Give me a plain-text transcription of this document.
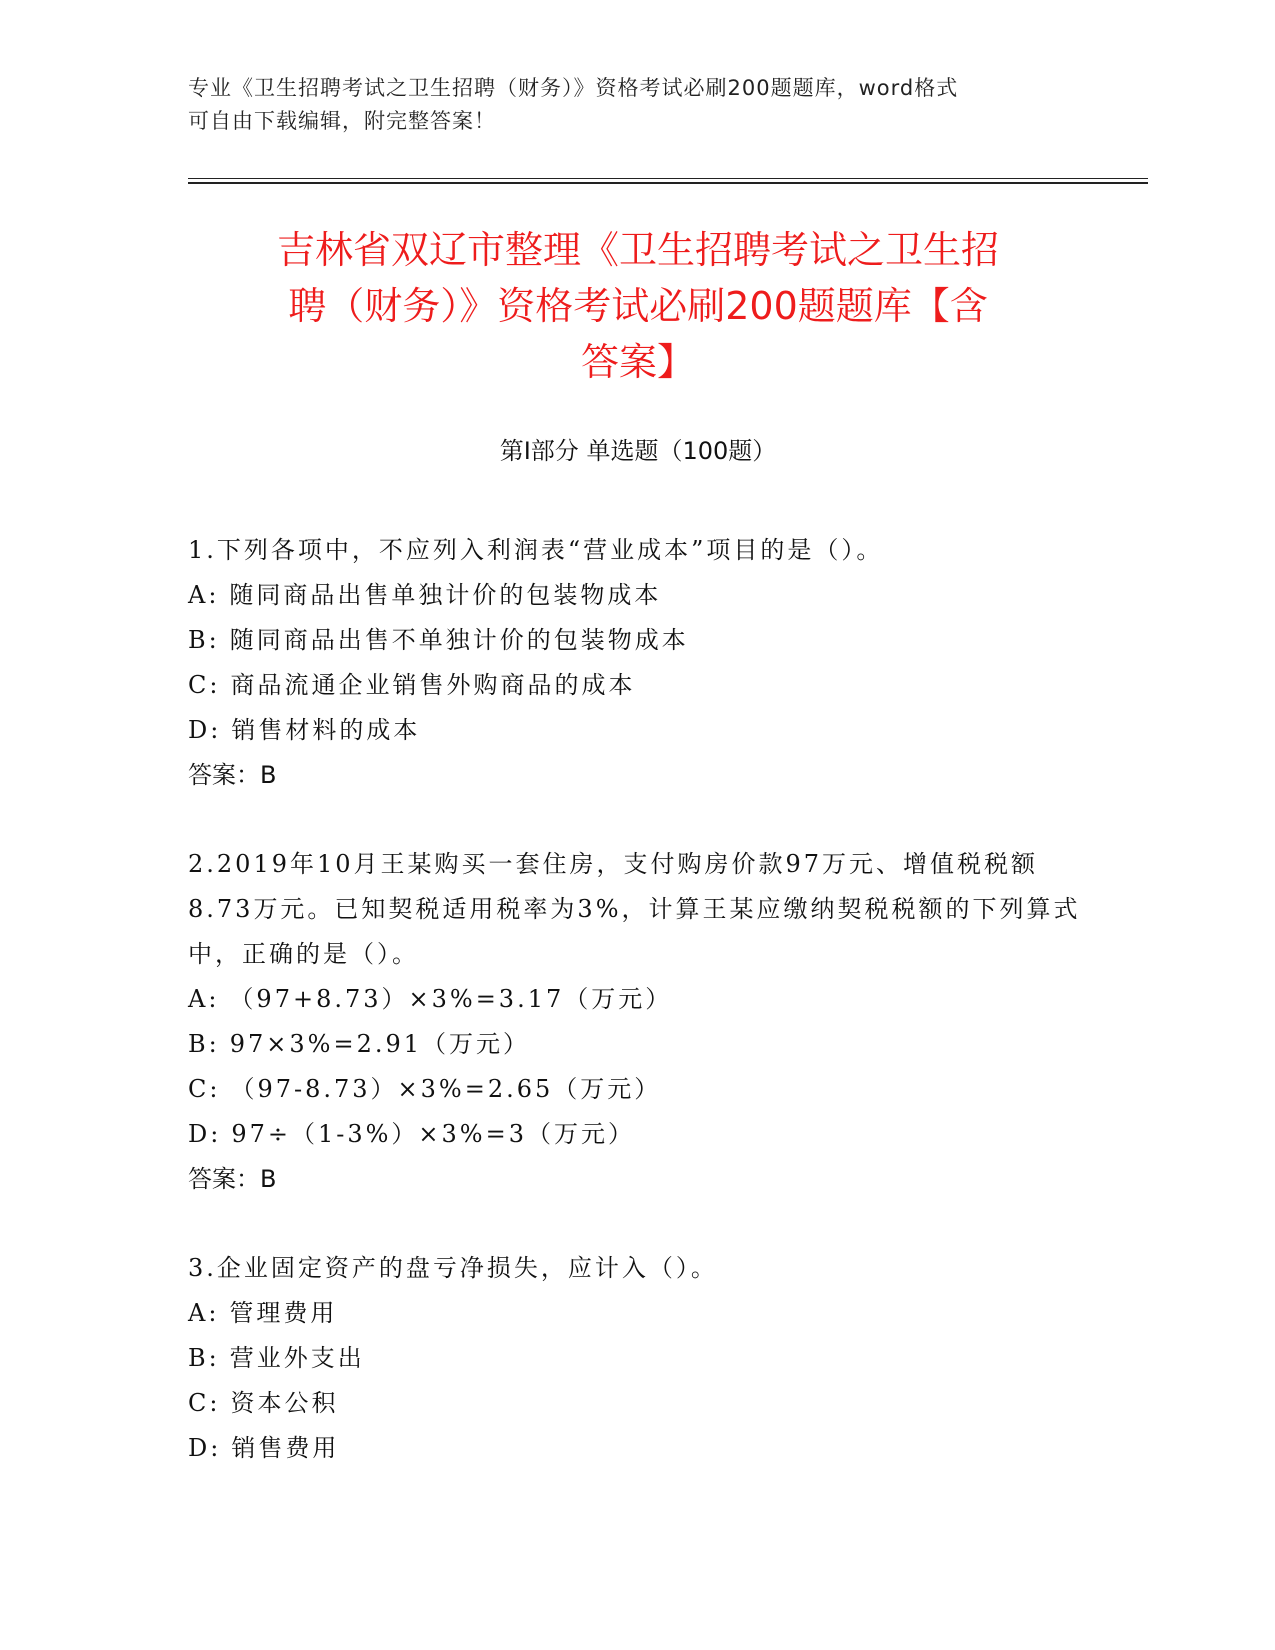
专业《卫生招聘考试之卫生招聘（财务）》资格考试必刷200题题库，word格式
可自由下载编辑，附完整答案！
吉林省双辽市整理《卫生招聘考试之卫生招
聘（财务）》资格考试必刷200题题库【含
答案】
第Ⅰ部分 单选题（100题）

1.下列各项中，不应列入利润表“营业成本”项目的是（）。

A: 随同商品出售单独计价的包装物成本
B: 随同商品出售不单独计价的包装物成本
C: 商品流通企业销售外购商品的成本
D: 销售材料的成本
答案：B

2.2019年10月王某购买一套住房，支付购房价款97万元、增值税税额8.73万元。已知契税适用税率为3%，计算王某应缴纳契税税额的下列算式中，正确的是（）。

A: （97+8.73）×3%=3.17（万元）
B: 97×3%=2.91（万元）
C: （97-8.73）×3%=2.65（万元）
D: 97÷（1-3%）×3%=3（万元）
答案：B

3.企业固定资产的盘亏净损失，应计入（）。

A: 管理费用
B: 营业外支出
C: 资本公积
D: 销售费用
